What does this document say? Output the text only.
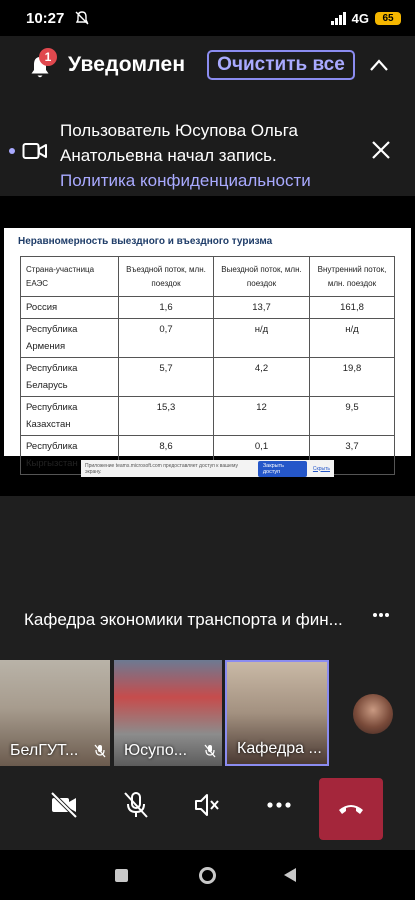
10:27	4G	65
1 Уведомлен	Очистить все
Пользователь Юсупова Ольга Анатольевна начал запись.
Политика конфиденциальности
Неравномерность выездного и въездного туризма
Страна-участница ЕАЭС	Въездной поток, млн. поездок	Выездной поток, млн. поездок	Внутренний поток, млн. поездок
Россия	1,6	13,7	161,8
Республика Армения	0,7	н/д	н/д
Республика Беларусь	5,7	4,2	19,8
Республика Казахстан	15,3	12	9,5
Республика Кыргызстан	8,6	0,1	3,7
Приложение teams.microsoft.com предоставляет доступ к вашему экрану.
Закрыть доступ	Скрыть
Кафедра экономики транспорта и фин...
БелГУТ...	Юсупо...	Кафедра ...
